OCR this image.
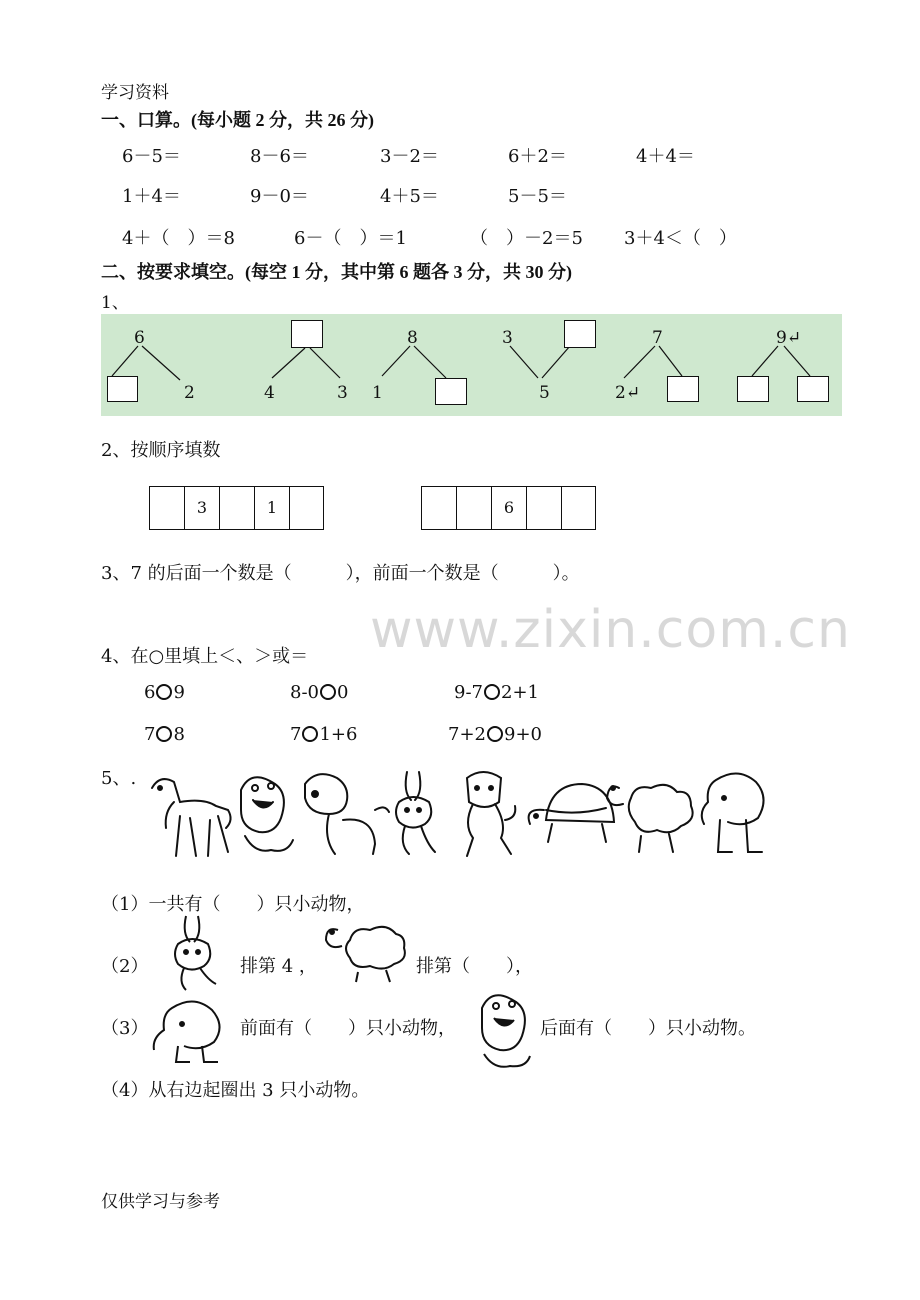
www.zixin.com.cn
学习资料
一、口算。(每小题 2 分，共 26 分)
6－5＝	8－6＝	3－2＝	6＋2＝	4＋4＝
1＋4＝	9－0＝	4＋5＝	5－5＝
4＋（　）＝8	6－（　）＝1	（　）－2＝5 3＋4＜（　）
二、按要求填空。(每空 1 分，其中第 6 题各 3 分，共 30 分)
1、
6
2	4	3
8
1
3
5
7
2↵
9↵
2、按顺序填数
3	1	6
3、7 的后面一个数是（　　　），前面一个数是（　　　）。
4、在○里填上＜、＞或＝
6 9	8-0 0	9-7 2+1
7 8	7 1+6	7+2 9+0
5、.
（1）一共有（　　）只小动物，
（2）	排第 4 ，	排第（　　），
（3）	前面有（　　）只小动物，	后面有（　　）只小动物。
（4）从右边起圈出 3 只小动物。
仅供学习与参考
